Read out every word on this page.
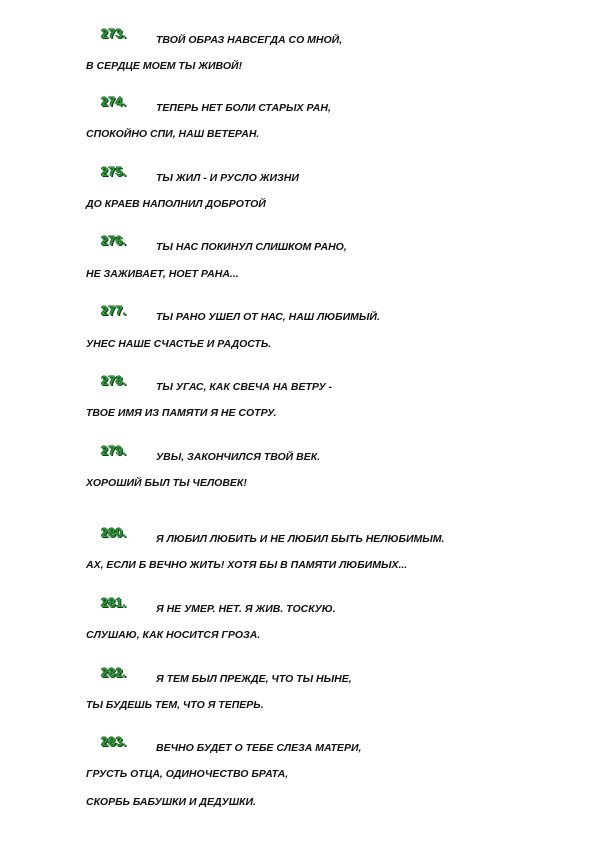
273.	ТВОЙ ОБРАЗ НАВСЕГДА СО МНОЙ,
В СЕРДЦЕ МОЕМ ТЫ ЖИВОЙ!
274.	ТЕПЕРЬ НЕТ БОЛИ СТАРЫХ РАН,
СПОКОЙНО СПИ, НАШ ВЕТЕРАН.
275.	ТЫ ЖИЛ - И РУСЛО ЖИЗНИ
ДО КРАЕВ НАПОЛНИЛ ДОБРОТОЙ
276.	ТЫ НАС ПОКИНУЛ СЛИШКОМ РАНО,
НЕ ЗАЖИВАЕТ, НОЕТ РАНА...
277.	ТЫ РАНО УШЕЛ ОТ НАС, НАШ ЛЮБИМЫЙ.
УНЕС НАШЕ СЧАСТЬЕ И РАДОСТЬ.
278.	ТЫ УГАС, КАК СВЕЧА НА ВЕТРУ -
ТВОЕ ИМЯ ИЗ ПАМЯТИ Я НЕ СОТРУ.
279.	УВЫ, ЗАКОНЧИЛСЯ ТВОЙ ВЕК.
ХОРОШИЙ БЫЛ ТЫ ЧЕЛОВЕК!
280.	Я ЛЮБИЛ ЛЮБИТЬ И НЕ ЛЮБИЛ БЫТЬ НЕЛЮБИМЫМ.
АХ, ЕСЛИ Б ВЕЧНО ЖИТЬ! ХОТЯ БЫ В ПАМЯТИ ЛЮБИМЫХ...
281.	Я НЕ УМЕР. НЕТ. Я ЖИВ. ТОСКУЮ.
СЛУШАЮ, КАК НОСИТСЯ ГРОЗА.
282.	Я ТЕМ БЫЛ ПРЕЖДЕ, ЧТО ТЫ НЫНЕ,
ТЫ БУДЕШЬ ТЕМ, ЧТО Я ТЕПЕРЬ.
283.	ВЕЧНО БУДЕТ О ТЕБЕ СЛЕЗА МАТЕРИ,
ГРУСТЬ ОТЦА, ОДИНОЧЕСТВО БРАТА,
СКОРБЬ БАБУШКИ И ДЕДУШКИ.
